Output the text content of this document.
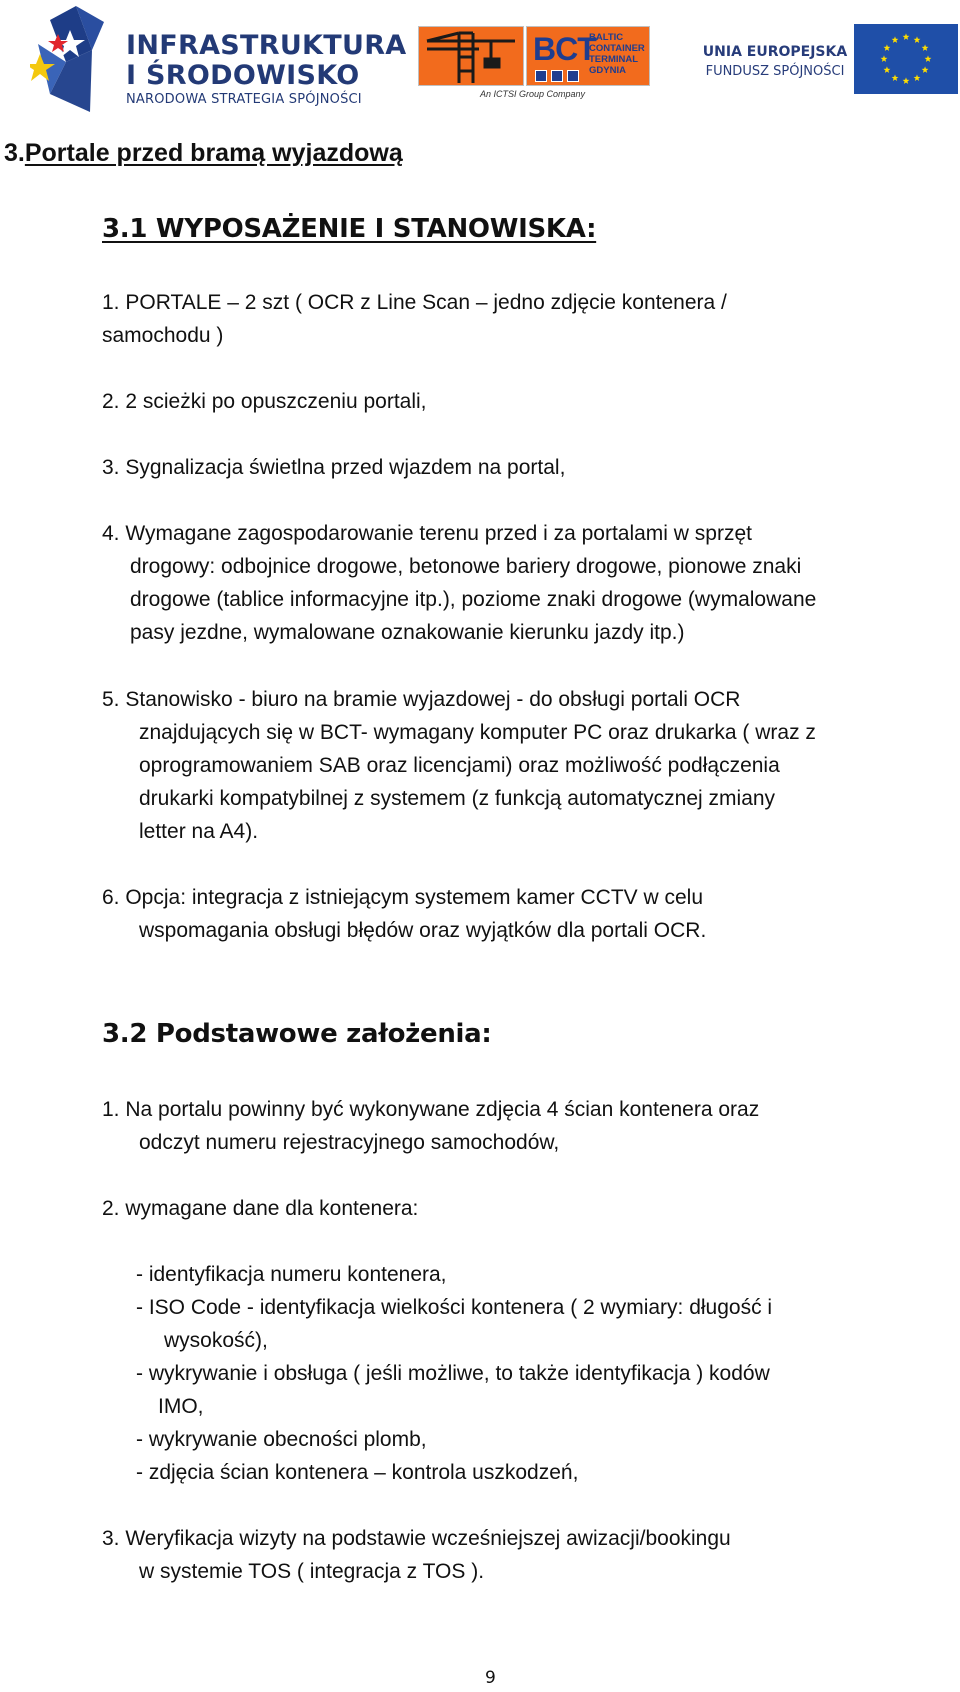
INFRASTRUKTURA
I ŚRODOWISKO
NARODOWA STRATEGIA SPÓJNOŚCI
BCT
BALTIC
CONTAINER
TERMINAL
GDYNIA
An ICTSI Group Company
UNIA EUROPEJSKA
FUNDUSZ SPÓJNOŚCI
3.Portale przed bramą wyjazdową
3.1 WYPOSAŻENIE I STANOWISKA:

1. PORTALE – 2 szt ( OCR z Line Scan – jedno zdjęcie kontenera /

samochodu )

2. 2 scieżki po opuszczeniu portali,

3. Sygnalizacja świetlna przed wjazdem na portal,

4. Wymagane zagospodarowanie terenu przed i za portalami w sprzęt

drogowy: odbojnice drogowe, betonowe bariery drogowe, pionowe znaki

drogowe (tablice informacyjne itp.), poziome znaki drogowe (wymalowane

pasy jezdne, wymalowane oznakowanie kierunku jazdy itp.)

5. Stanowisko - biuro na bramie wyjazdowej - do obsługi portali OCR

znajdujących się w BCT- wymagany komputer PC oraz drukarka ( wraz z

oprogramowaniem SAB oraz licencjami) oraz możliwość podłączenia

drukarki kompatybilnej z systemem (z funkcją automatycznej zmiany

letter na A4).

6. Opcja: integracja z istniejącym systemem kamer CCTV w celu

wspomagania obsługi błędów oraz wyjątków dla portali OCR.

3.2 Podstawowe założenia:

1. Na portalu powinny być wykonywane zdjęcia 4 ścian kontenera oraz

odczyt numeru rejestracyjnego samochodów,

2. wymagane dane dla kontenera:

- identyfikacja numeru kontenera,

- ISO Code - identyfikacja wielkości kontenera ( 2 wymiary: długość i

wysokość),

- wykrywanie i obsługa ( jeśli możliwe, to także identyfikacja ) kodów

IMO,

- wykrywanie obecności plomb,

- zdjęcia ścian kontenera – kontrola uszkodzeń,

3. Weryfikacja wizyty na podstawie wcześniejszej awizacji/bookingu

w systemie TOS ( integracja z TOS ).

9
